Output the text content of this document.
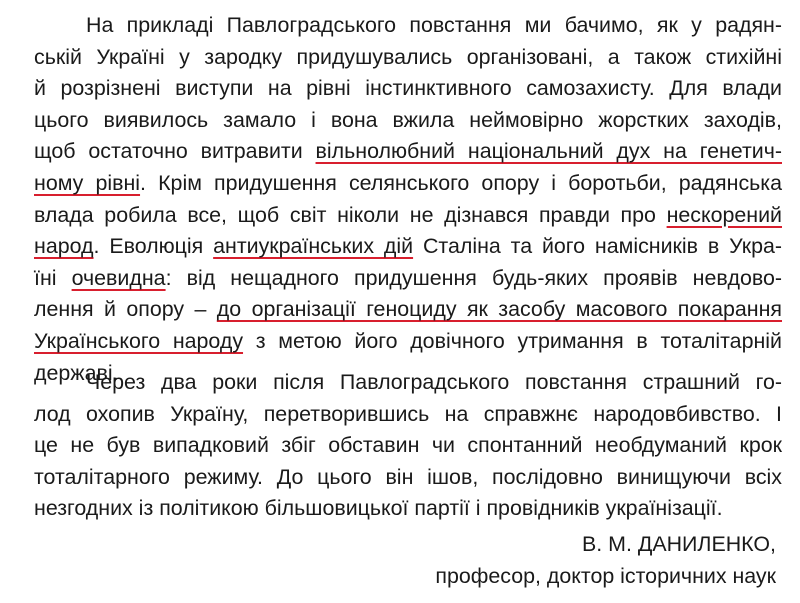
На прикладі Павлоградського повстання ми бачимо, як у радян-
ській Україні у зародку придушувались організовані, а також стихійні
й розрізнені виступи на рівні інстинктивного самозахисту. Для влади
цього виявилось замало і вона вжила неймовірно жорстких заходів,
щоб остаточно витравити вільнолюбний національний дух на генетич-
ному рівні. Крім придушення селянського опору і боротьби, радянська
влада робила все, щоб світ ніколи не дізнався правди про нескорений
народ. Еволюція антиукраїнських дій Сталіна та його намісників в Укра-
їні очевидна: від нещадного придушення будь-яких проявів невдово-
лення й опору – до організації геноциду як засобу масового покарання
Українського народу з метою його довічного утримання в тоталітарній
державі.
Через два роки після Павлоградського повстання страшний го-
лод охопив Україну, перетворившись на справжнє народовбивство. І
це не був випадковий збіг обставин чи спонтанний необдуманий крок
тоталітарного режиму. До цього він ішов, послідовно винищуючи всіх
незгодних із політикою більшовицької партії і провідників українізації.
В. М. ДАНИЛЕНКО,
професор, доктор історичних наук
